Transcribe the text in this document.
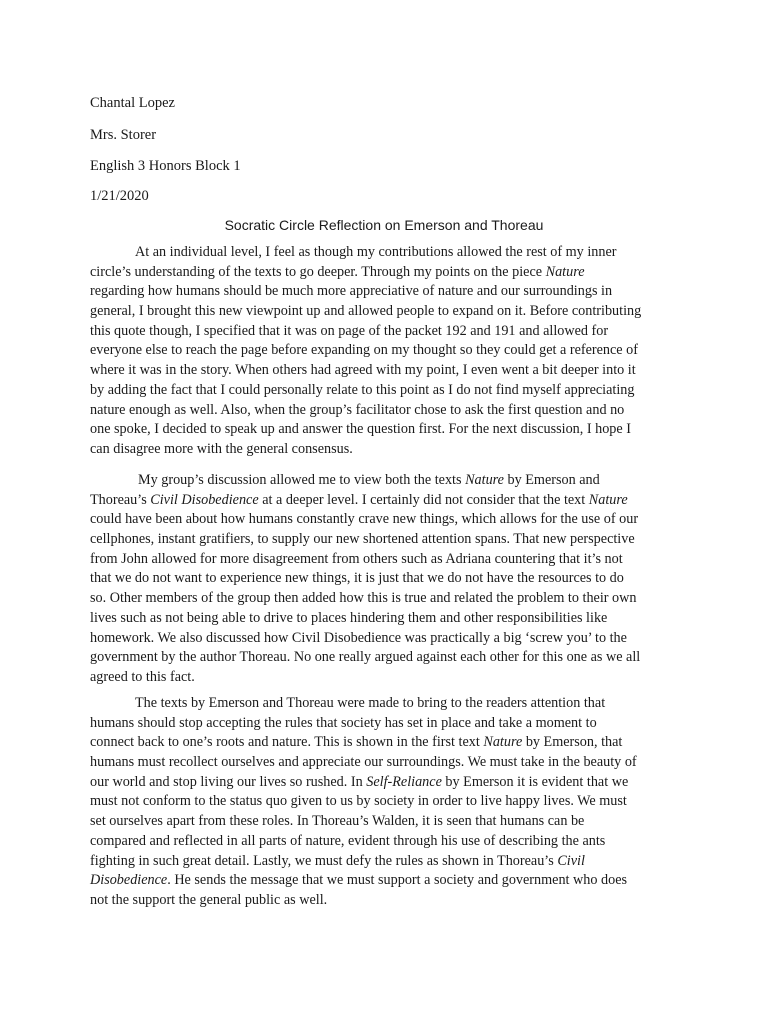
Chantal Lopez
Mrs. Storer
English 3 Honors Block 1
1/21/2020
Socratic Circle Reflection on Emerson and Thoreau
At an individual level, I feel as though my contributions allowed the rest of my inner
circle’s understanding of the texts to go deeper. Through my points on the piece Nature
regarding how humans should be much more appreciative of nature and our surroundings in
general, I brought this new viewpoint up and allowed people to expand on it. Before contributing
this quote though, I specified that it was on page of the packet 192 and 191 and allowed for
everyone else to reach the page before expanding on my thought so they could get a reference of
where it was in the story. When others had agreed with my point, I even went a bit deeper into it
by adding the fact that I could personally relate to this point as I do not find myself appreciating
nature enough as well. Also, when the group’s facilitator chose to ask the first question and no
one spoke, I decided to speak up and answer the question first. For the next discussion, I hope I
can disagree more with the general consensus.
My group’s discussion allowed me to view both the texts Nature by Emerson and
Thoreau’s Civil Disobedience at a deeper level. I certainly did not consider that the text Nature
could have been about how humans constantly crave new things, which allows for the use of our
cellphones, instant gratifiers, to supply our new shortened attention spans. That new perspective
from John allowed for more disagreement from others such as Adriana countering that it’s not
that we do not want to experience new things, it is just that we do not have the resources to do
so. Other members of the group then added how this is true and related the problem to their own
lives such as not being able to drive to places hindering them and other responsibilities like
homework. We also discussed how Civil Disobedience was practically a big ‘screw you’ to the
government by the author Thoreau. No one really argued against each other for this one as we all
agreed to this fact.
The texts by Emerson and Thoreau were made to bring to the readers attention that
humans should stop accepting the rules that society has set in place and take a moment to
connect back to one’s roots and nature. This is shown in the first text Nature by Emerson, that
humans must recollect ourselves and appreciate our surroundings. We must take in the beauty of
our world and stop living our lives so rushed. In Self-Reliance by Emerson it is evident that we
must not conform to the status quo given to us by society in order to live happy lives. We must
set ourselves apart from these roles. In Thoreau’s Walden, it is seen that humans can be
compared and reflected in all parts of nature, evident through his use of describing the ants
fighting in such great detail. Lastly, we must defy the rules as shown in Thoreau’s Civil
Disobedience. He sends the message that we must support a society and government who does
not the support the general public as well.
